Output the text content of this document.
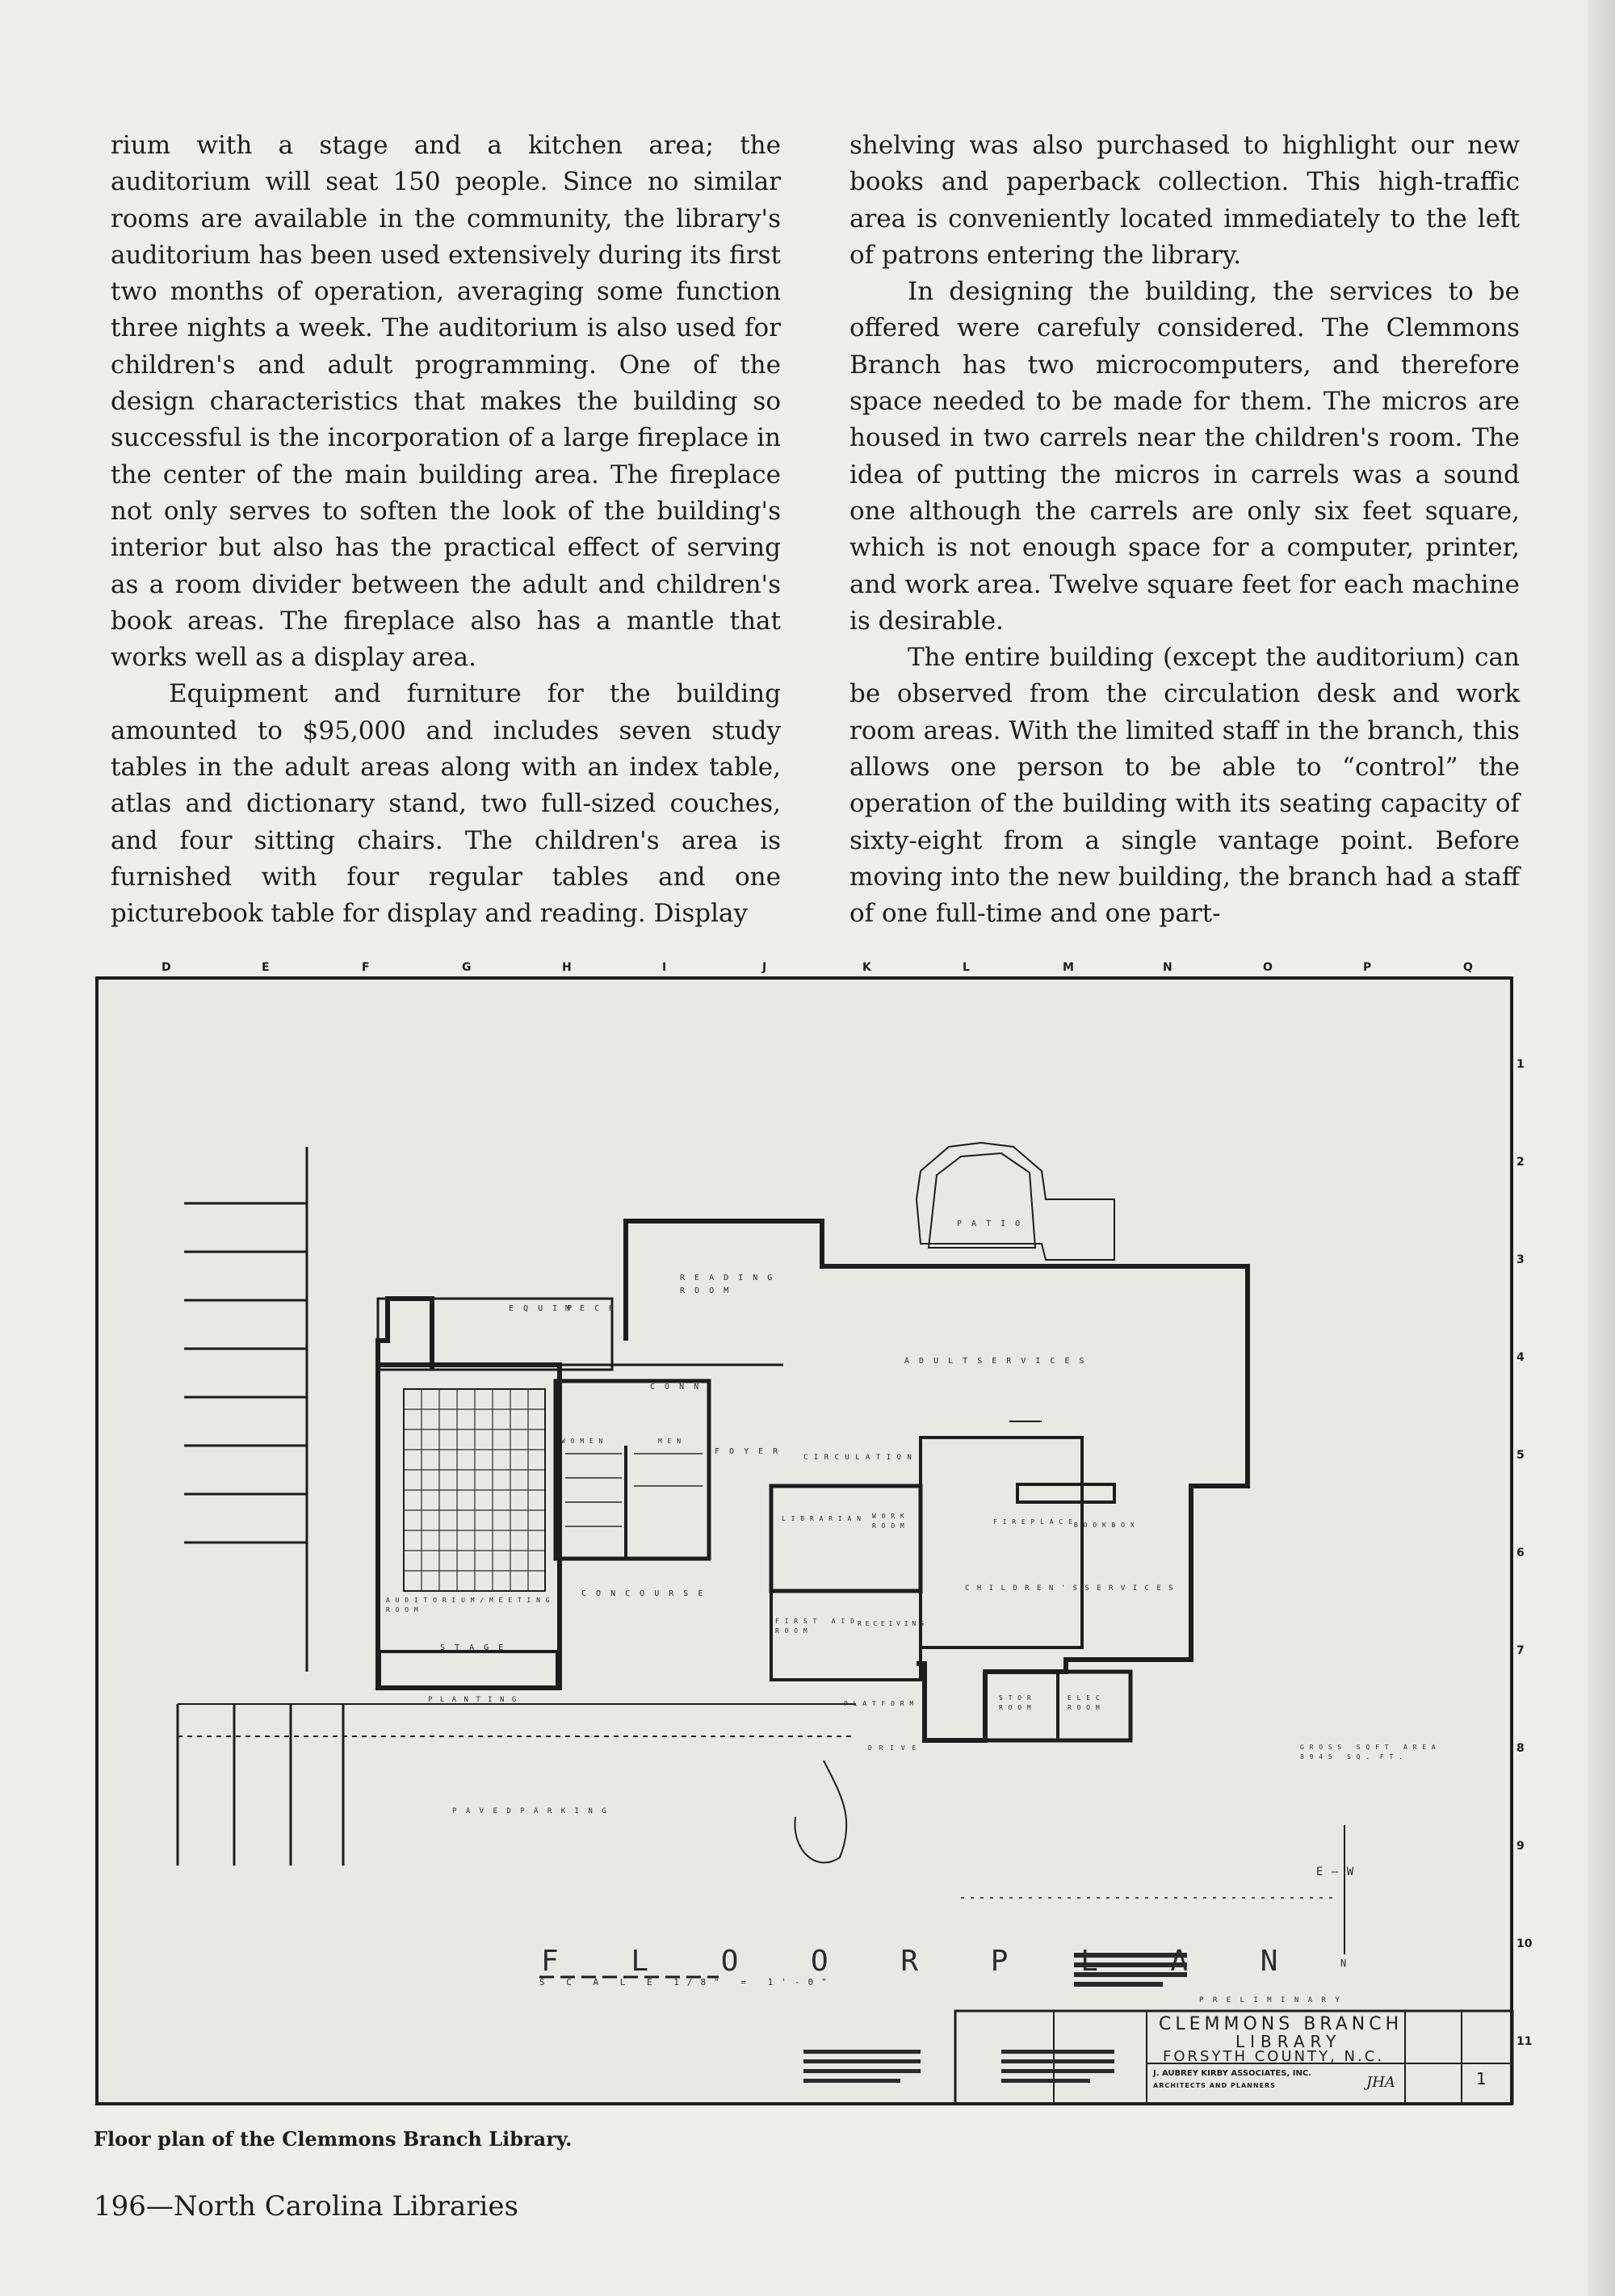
rium with a stage and a kitchen area; the auditorium will seat 150 people. Since no similar rooms are available in the community, the library's auditorium has been used extensively during its first two months of operation, averaging some function three nights a week. The auditorium is also used for children's and adult programming. One of the design characteristics that makes the building so successful is the incorporation of a large fireplace in the center of the main building area. The fireplace not only serves to soften the look of the building's interior but also has the practical effect of serving as a room divider between the adult and children's book areas. The fireplace also has a mantle that works well as a display area.

Equipment and furniture for the building amounted to $95,000 and includes seven study tables in the adult areas along with an index table, atlas and dictionary stand, two full-sized couches, and four sitting chairs. The children's area is furnished with four regular tables and one picturebook table for display and reading. Display

shelving was also purchased to highlight our new books and paperback collection. This high-traffic area is conveniently located immediately to the left of patrons entering the library.

In designing the building, the services to be offered were carefuly considered. The Clemmons Branch has two microcomputers, and therefore space needed to be made for them. The micros are housed in two carrels near the children's room. The idea of putting the micros in carrels was a sound one although the carrels are only six feet square, which is not enough space for a computer, printer, and work area. Twelve square feet for each machine is desirable.

The entire building (except the auditorium) can be observed from the circulation desk and work room areas. With the limited staff in the branch, this allows one person to be able to “control” the operation of the building with its seating capacity of sixty-eight from a single vantage point. Before moving into the new building, the branch had a staff of one full-time and one part-

D	E	F	G	H	I	J	K	L	M	N	O	P	Q
1
2
3
4
5
6
7
8
9
10
11
P A T I O
R E A D I N G
R O O M
A D U L T S E R V I C E S
E Q U I P
M E C H
C O N N
W O M E N	M E N
F O Y E R
C I R C U L A T I O N
L I B R A R I A N W O R K
R O O M
F I R E P L A C E B O O K B O X
A U D I T O R I U M / M E E T I N G
R O O M
S T A G E
C O N C O U R S E
F I R S T   A I D
R O O M
R E C E I V I N G
C H I L D R E N ' S S E R V I C E S
S T O R
R O O M
E L E C
R O O M
P L A N T I N G	P L A T F O R M
D R I V E
P A V E D P A R K I N G
G R O S S   S Q F T   A R E A
8 9 4 5   S Q .  F T .
E — W
N
P R E L I M I N A R Y
F L O O R P L A N
S C A L E 1/8" = 1'-0"
CLEMMONS BRANCH
LIBRARY
FORSYTH COUNTY, N.C.
J. AUBREY KIRBY ASSOCIATES, INC.
ARCHITECTS AND PLANNERS	JHA	1
Floor plan of the Clemmons Branch Library.
196—North Carolina Libraries
